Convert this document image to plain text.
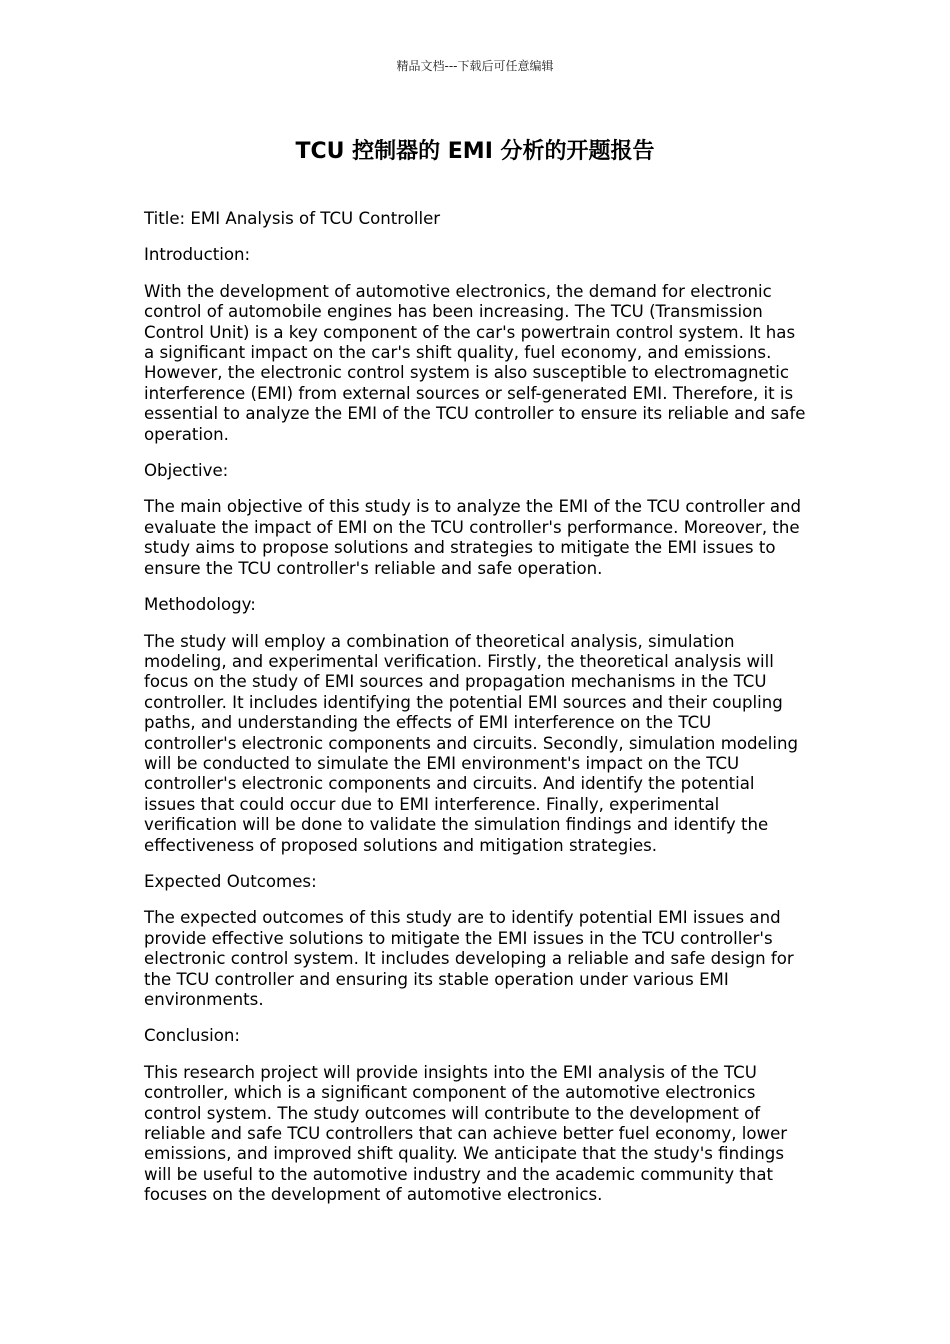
精品文档---下载后可任意编辑
TCU 控制器的 EMI 分析的开题报告

Title: EMI Analysis of TCU Controller

Introduction:

With the development of automotive electronics, the demand for electronic control of automobile engines has been increasing. The TCU (Transmission Control Unit) is a key component of the car's powertrain control system. It has a significant impact on the car's shift quality, fuel economy, and emissions. However, the electronic control system is also susceptible to electromagnetic interference (EMI) from external sources or self-generated EMI. Therefore, it is essential to analyze the EMI of the TCU controller to ensure its reliable and safe operation.

Objective:

The main objective of this study is to analyze the EMI of the TCU controller and evaluate the impact of EMI on the TCU controller's performance. Moreover, the study aims to propose solutions and strategies to mitigate the EMI issues to ensure the TCU controller's reliable and safe operation.

Methodology:

The study will employ a combination of theoretical analysis, simulation modeling, and experimental verification. Firstly, the theoretical analysis will focus on the study of EMI sources and propagation mechanisms in the TCU controller. It includes identifying the potential EMI sources and their coupling paths, and understanding the effects of EMI interference on the TCU controller's electronic components and circuits. Secondly, simulation modeling will be conducted to simulate the EMI environment's impact on the TCU controller's electronic components and circuits. And identify the potential issues that could occur due to EMI interference. Finally, experimental verification will be done to validate the simulation findings and identify the effectiveness of proposed solutions and mitigation strategies.

Expected Outcomes:

The expected outcomes of this study are to identify potential EMI issues and provide effective solutions to mitigate the EMI issues in the TCU controller's electronic control system. It includes developing a reliable and safe design for the TCU controller and ensuring its stable operation under various EMI environments.

Conclusion:

This research project will provide insights into the EMI analysis of the TCU controller, which is a significant component of the automotive electronics control system. The study outcomes will contribute to the development of reliable and safe TCU controllers that can achieve better fuel economy, lower emissions, and improved shift quality. We anticipate that the study's findings will be useful to the automotive industry and the academic community that focuses on the development of automotive electronics.
